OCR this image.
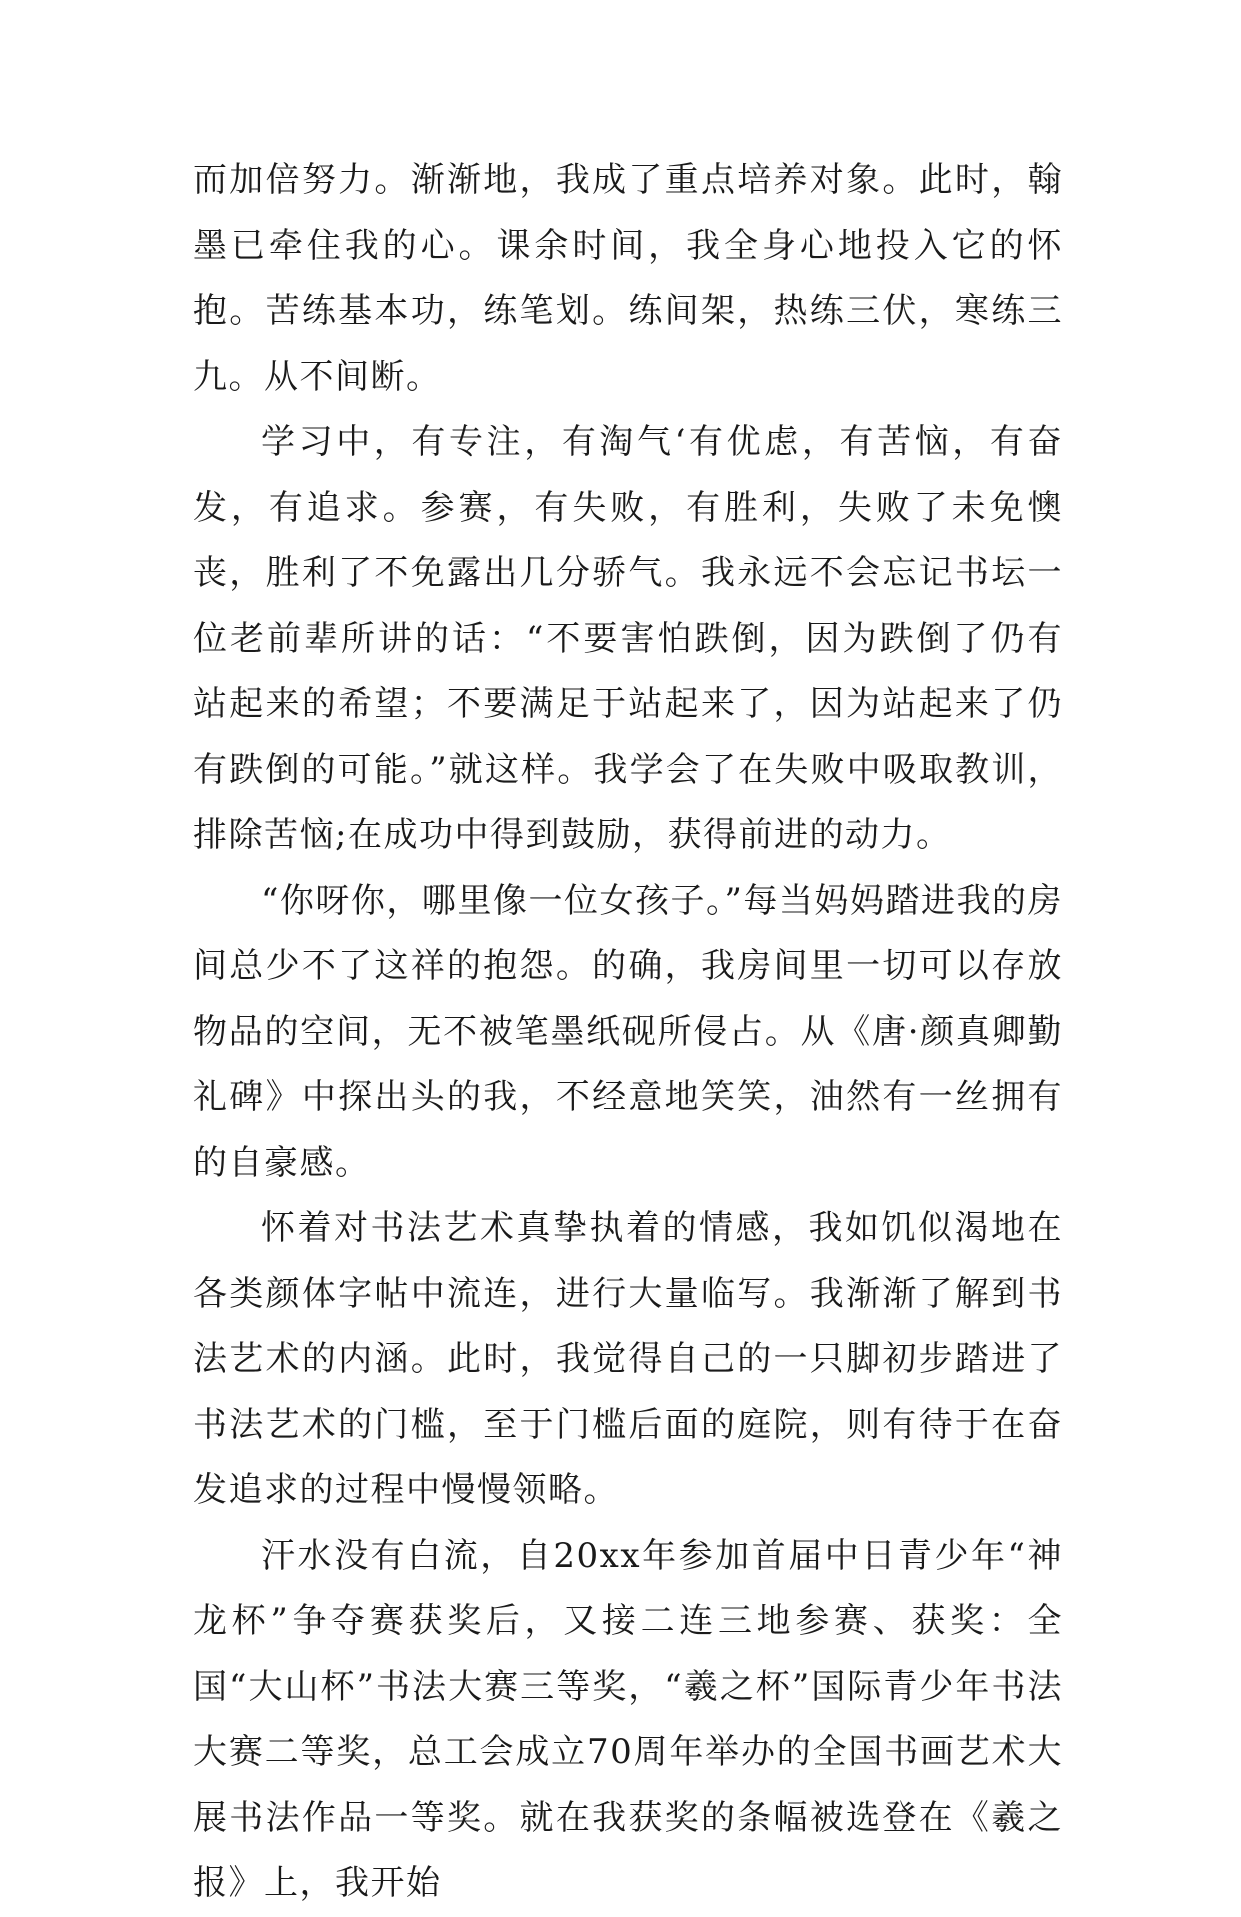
而加倍努力。渐渐地，我成了重点培养对象。此时，翰墨已牵住我的心。课余时间，我全身心地投入它的怀抱。苦练基本功，练笔划。练间架，热练三伏，寒练三九。从不间断。

学习中，有专注，有淘气‘有优虑，有苦恼，有奋发，有追求。参赛，有失败，有胜利，失败了未免懊丧，胜利了不免露出几分骄气。我永远不会忘记书坛一位老前辈所讲的话：“不要害怕跌倒，因为跌倒了仍有站起来的希望；不要满足于站起来了，因为站起来了仍有跌倒的可能。”就这样。我学会了在失败中吸取教训，排除苦恼;在成功中得到鼓励，获得前进的动力。

“你呀你，哪里像一位女孩子。”每当妈妈踏进我的房间总少不了这祥的抱怨。的确，我房间里一切可以存放物品的空间，无不被笔墨纸砚所侵占。从《唐·颜真卿勤礼碑》中探出头的我，不经意地笑笑，油然有一丝拥有的自豪感。

怀着对书法艺术真挚执着的情感，我如饥似渴地在各类颜体字帖中流连，进行大量临写。我渐渐了解到书法艺术的内涵。此时，我觉得自己的一只脚初步踏进了书法艺术的门槛，至于门槛后面的庭院，则有待于在奋发追求的过程中慢慢领略。

汗水没有白流，自20xx年参加首届中日青少年“神龙杯”争夺赛获奖后，又接二连三地参赛、获奖：全国“大山杯”书法大赛三等奖，“羲之杯”国际青少年书法大赛二等奖，总工会成立70周年举办的全国书画艺术大展书法作品一等奖。就在我获奖的条幅被选登在《羲之报》上，我开始
